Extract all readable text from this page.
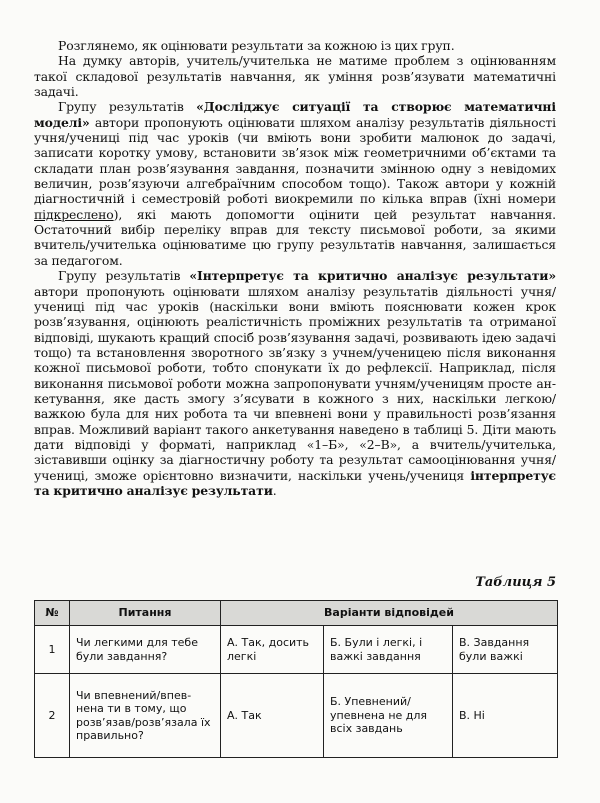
Розглянемо, як оцінювати результати за кожною із цих груп.

На думку авторів, учитель/учителька не матиме проблем з оцінюванням такої складової результатів навчання, як уміння розв’язувати математичні задачі.

Групу результатів «Досліджує ситуації та створює математичні моделі» автори пропонують оцінювати шляхом аналізу результатів діяльності учня/учениці під час уроків (чи вміють вони зробити малюнок до задачі, записати коротку умову, встановити зв’язок між геометричними об’єктами та складати план розв’язування завдання, позначити змінною одну з невідомих величин, розв’язуючи алгебраїчним способом тощо). Також автори у кожній діагностичній і семестровій роботі виокремили по кілька вправ (їхні номери підкреслено), які мають допомогти оцінити цей результат навчання. Остаточний вибір переліку вправ для тексту письмової роботи, за якими вчитель/учителька оцінюватиме цю групу результатів навчання, залишається за педагогом.

Групу результатів «Інтерпретує та критично аналізує результати» автори пропонують оцінювати шляхом аналізу результатів діяльності учня/учениці під час уроків (наскільки вони вміють пояснювати кожен крок розв’язування, оцінюють реалістичність проміжних результатів та отриманої відповіді, шукають кращий спосіб розв’язування задачі, розвивають ідею задачі тощо) та встановлення зворотного зв’язку з учнем/ученицею після виконання кожної письмової роботи, тобто спонукати їх до рефлексії. Наприклад, після виконання письмової роботи можна запропонувати учням/ученицям просте анкетування, яке дасть змогу з’ясувати в кожного з них, наскільки легкою/важкою була для них робота та чи впевнені вони у правильності розв’язання вправ. Можливий варіант такого анкетування наведено в таблиці 5. Діти мають дати відповіді у форматі, наприклад «1–Б», «2–В», а вчитель/учителька, зіставивши оцінку за діагностичну роботу та результат самооцінювання учня/учениці, зможе орієнтовно визначити, наскільки учень/учениця інтерпретує та критично аналізує результати.

Таблиця 5
№	Питання	Варіанти відповідей		
1	Чи легкими для тебе були завдання?	А. Так, досить легкі	Б. Були і легкі, і важкі завдання	В. Завдання були важкі
2	Чи впевнений/впевнена ти в тому, що розв’язав/розв’язала їх правильно?	А. Так	Б. Упевнений/ упевнена не для всіх завдань	В. Ні
